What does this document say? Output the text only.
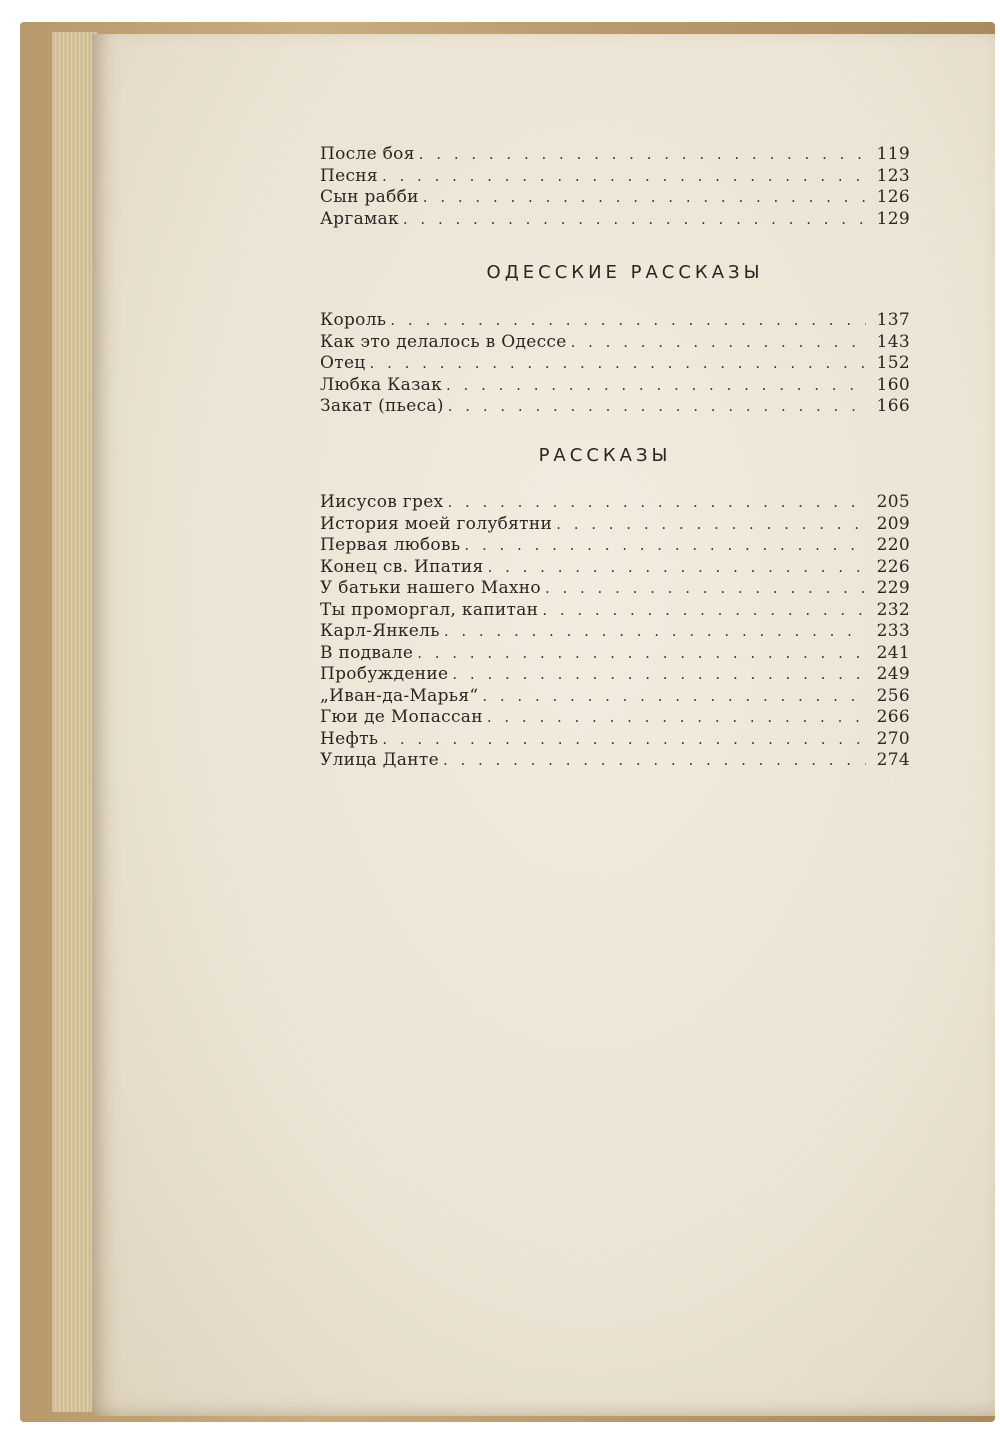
После боя . . .	119
Песня . . .	123
Сын рабби . . .	126
Аргамак . . .	129
ОДЕССКИЕ РАССКАЗЫ
Король . . .	137
Как это делалось в Одессе . . .	143
Отец . . .	152
Любка Казак . . .	160
Закат (пьеса) . . .	166
РАССКАЗЫ
Иисусов грех . . .	205
История моей голубятни . . .	209
Первая любовь . . .	220
Конец св. Ипатия . . .	226
У батьки нашего Махно . . .	229
Ты проморгал, капитан . . .	232
Карл-Янкель . . .	233
В подвале . . .	241
Пробуждение . . .	249
„Иван-да-Марья“ . . .	256
Гюи де Мопассан . . .	266
Нефть . . .	270
Улица Данте . . .	274
